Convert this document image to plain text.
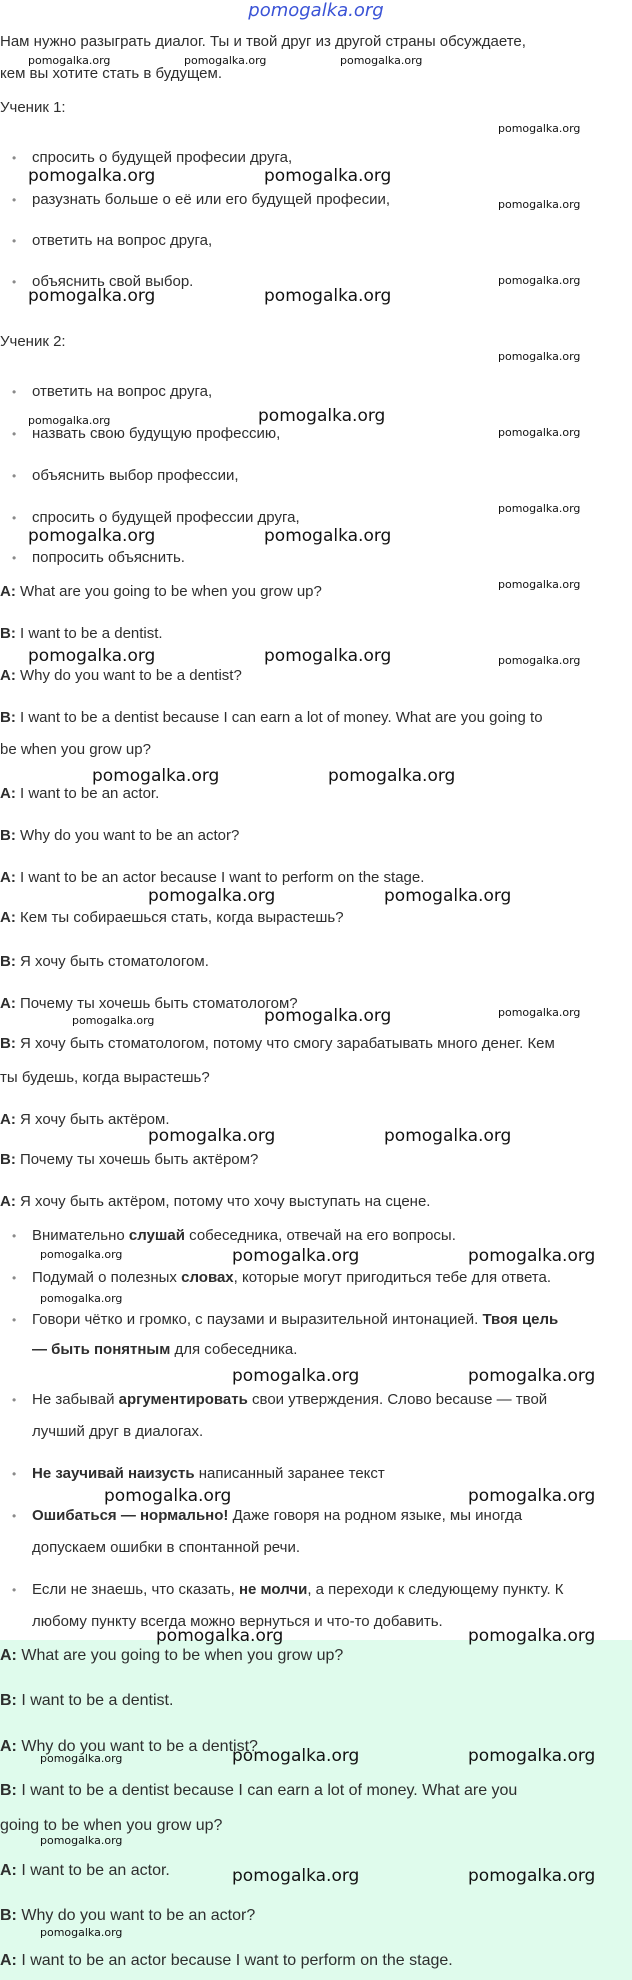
pomogalka.org
Нам нужно разыграть диалог. Ты и твой друг из другой страны обсуждаете,
кем вы хотите стать в будущем.
Ученик 1:
• спросить о будущей професии друга,
• разузнать больше о её или его будущей професии,
• ответить на вопрос друга,
• объяснить свой выбор.
Ученик 2:
• ответить на вопрос друга,
• назвать свою будущую профессию,
• объяснить выбор профессии,
• спросить о будущей профессии друга,
• попросить объяснить.
A: What are you going to be when you grow up?
B: I want to be a dentist.
A: Why do you want to be a dentist?
B: I want to be a dentist because I can earn a lot of money. What are you going to
be when you grow up?
A: I want to be an actor.
B: Why do you want to be an actor?
A: I want to be an actor because I want to perform on the stage.
A: Кем ты собираешься стать, когда вырастешь?
B: Я хочу быть стоматологом.
A: Почему ты хочешь быть стоматологом?
B: Я хочу быть стоматологом, потому что смогу зарабатывать много денег. Кем
ты будешь, когда вырастешь?
A: Я хочу быть актёром.
B: Почему ты хочешь быть актёром?
A: Я хочу быть актёром, потому что хочу выступать на сцене.
• Внимательно слушай собеседника, отвечай на его вопросы.
• Подумай о полезных словах, которые могут пригодиться тебе для ответа.
• Говори чётко и громко, с паузами и выразительной интонацией. Твоя цель
— быть понятным для собеседника.
• Не забывай аргументировать свои утверждения. Слово because — твой
лучший друг в диалогах.
• Не заучивай наизусть написанный заранее текст
• Ошибаться — нормально! Даже говоря на родном языке, мы иногда
допускаем ошибки в спонтанной речи.
• Если не знаешь, что сказать, не молчи, а переходи к следующему пункту. К
любому пункту всегда можно вернуться и что-то добавить.
A: What are you going to be when you grow up?
B: I want to be a dentist.
A: Why do you want to be a dentist?
B: I want to be a dentist because I can earn a lot of money. What are you
going to be when you grow up?
A: I want to be an actor.
B: Why do you want to be an actor?
A: I want to be an actor because I want to perform on the stage.
pomogalka.org	pomogalka.org	pomogalka.org
pomogalka.org
pomogalka.org	pomogalka.org
pomogalka.org
pomogalka.org
pomogalka.org	pomogalka.org
pomogalka.org
pomogalka.org	pomogalka.org
pomogalka.org
pomogalka.org
pomogalka.org	pomogalka.org
pomogalka.org
pomogalka.org	pomogalka.org	pomogalka.org
pomogalka.org	pomogalka.org
pomogalka.org	pomogalka.org
pomogalka.org	pomogalka.org	pomogalka.org
pomogalka.org	pomogalka.org
pomogalka.org	pomogalka.org	pomogalka.org
pomogalka.org
pomogalka.org	pomogalka.org
pomogalka.org	pomogalka.org
pomogalka.org	pomogalka.org
pomogalka.org	pomogalka.org	pomogalka.org
pomogalka.org
pomogalka.org	pomogalka.org
pomogalka.org
